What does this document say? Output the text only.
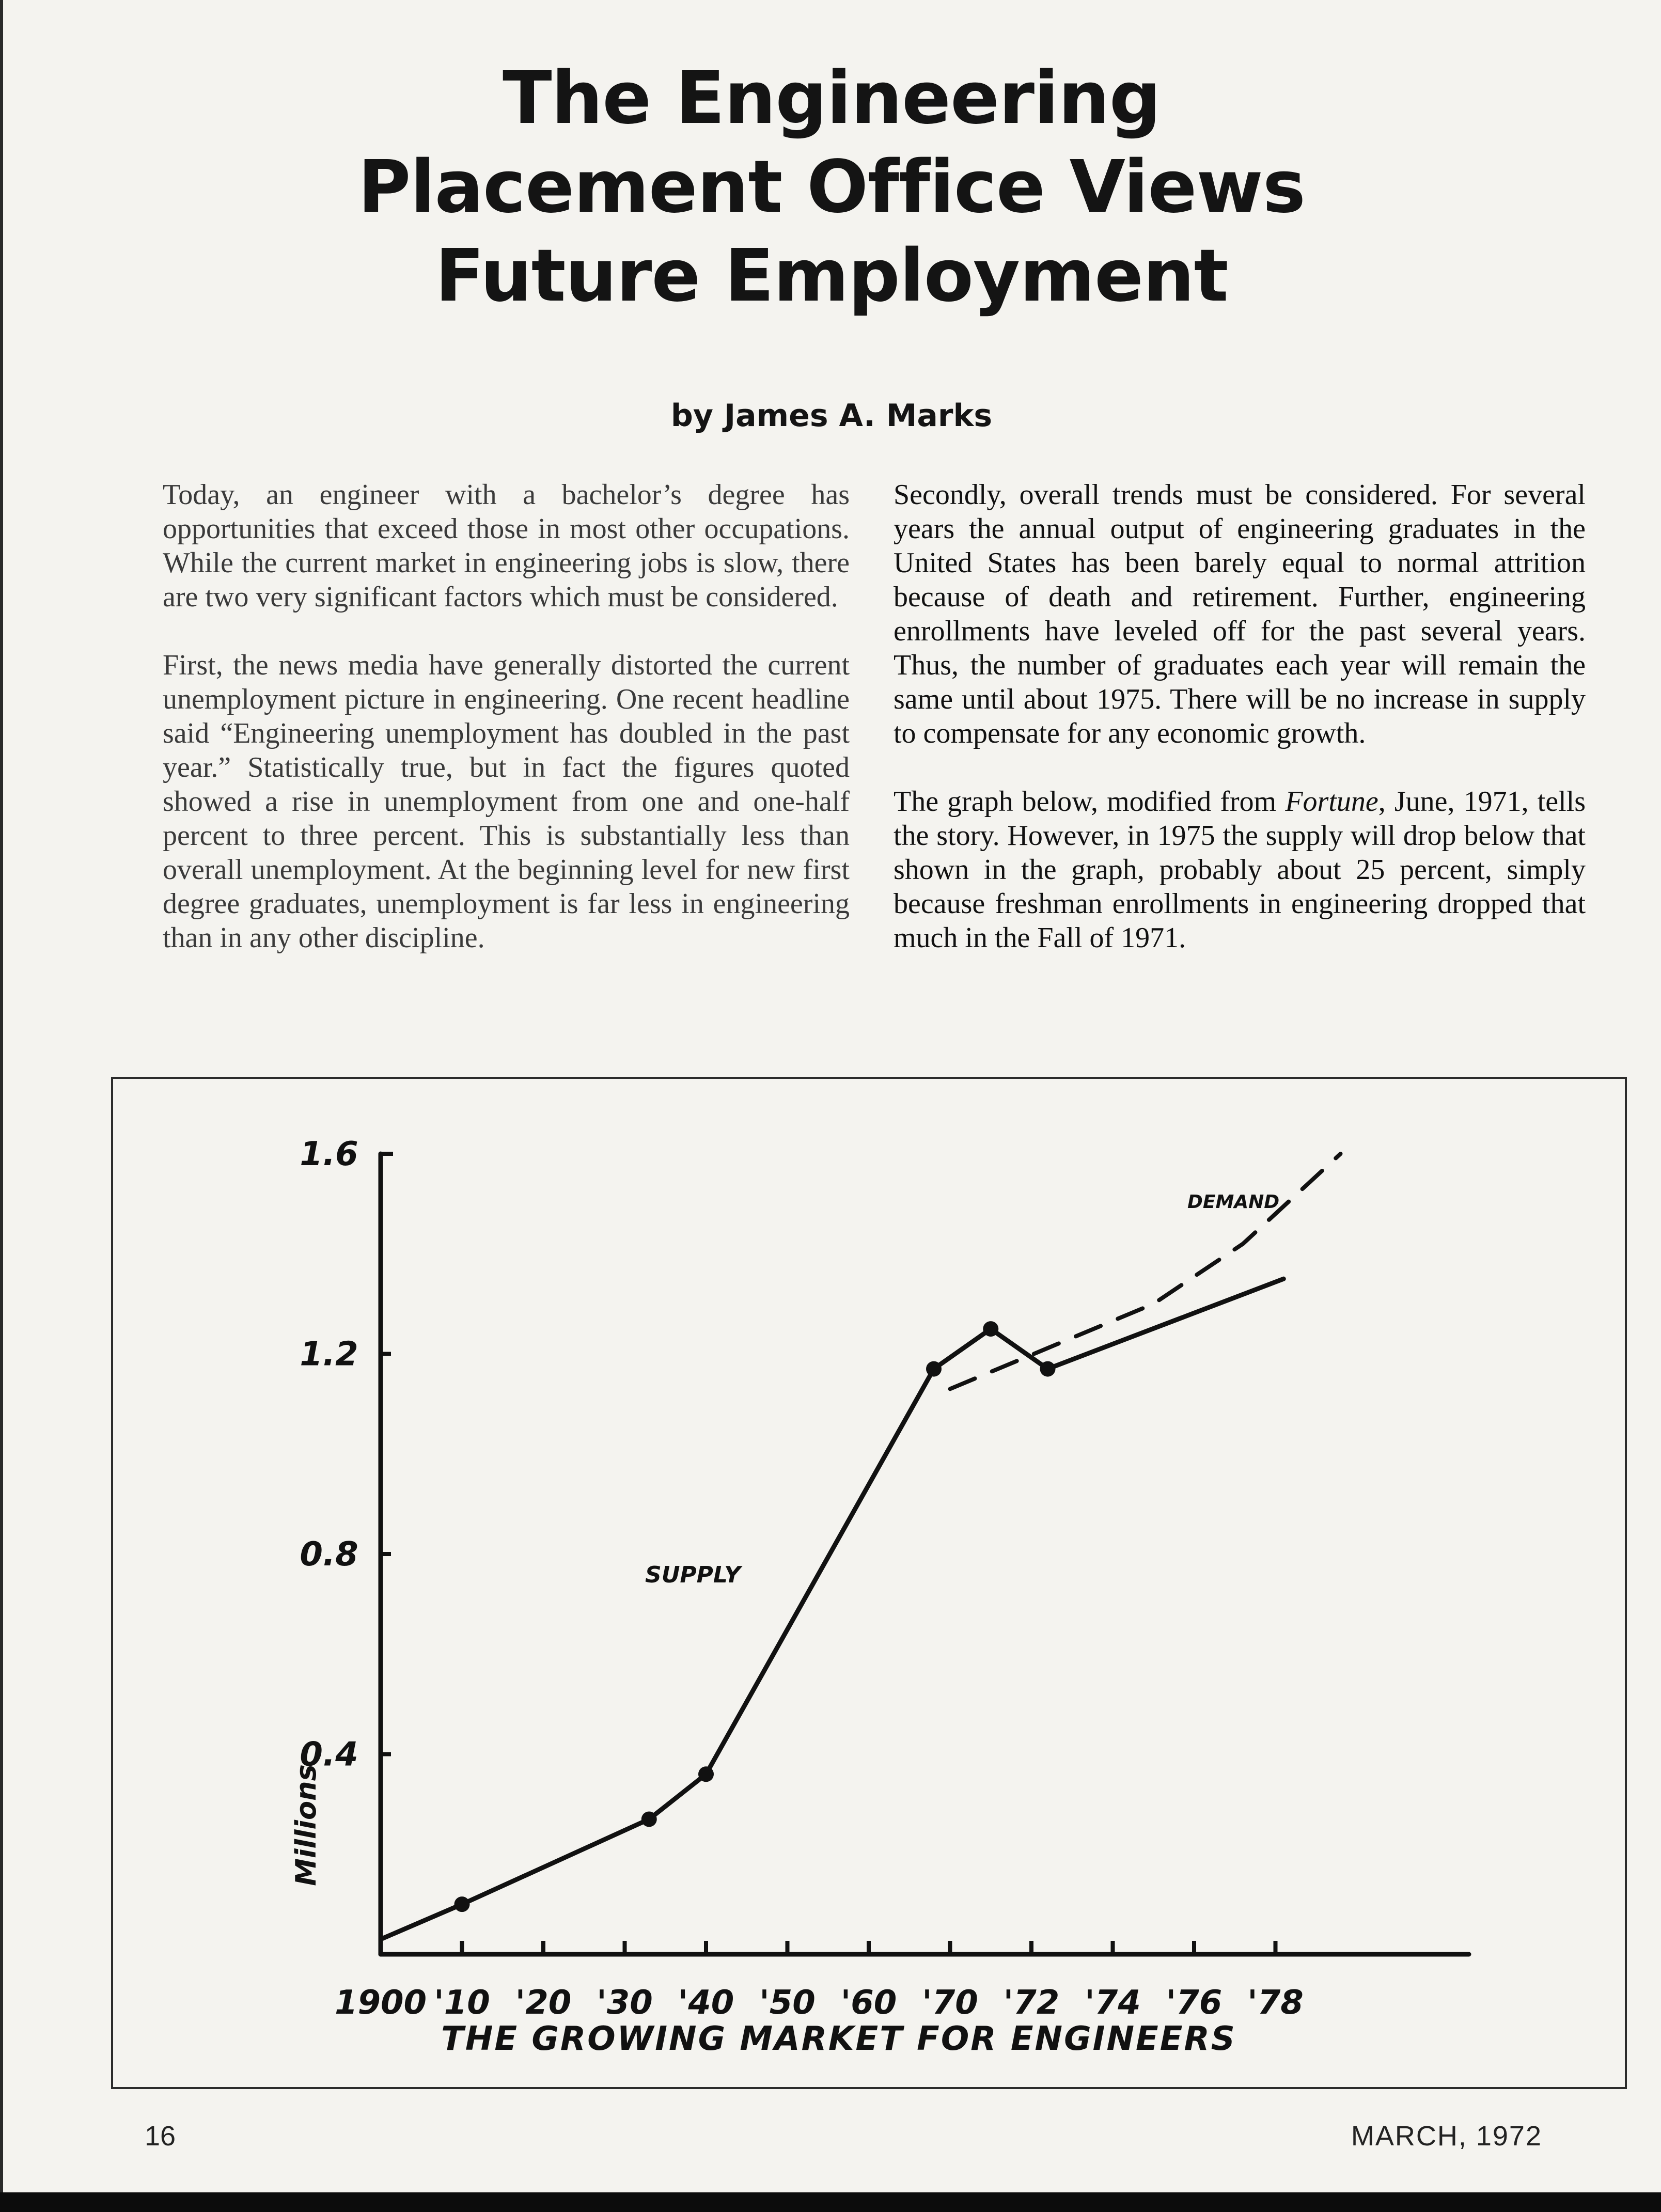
The Engineering
Placement Office Views
Future Employment
by James A. Marks

Today, an engineer with a bachelor’s degree has opportunities that exceed those in most other occupations. While the current market in engineering jobs is slow, there are two very significant factors which must be considered.

First, the news media have generally distorted the current unemployment picture in engineering. One recent headline said “Engineering unemployment has doubled in the past year.” Statistically true, but in fact the figures quoted showed a rise in unemployment from one and one-half percent to three percent. This is substantially less than overall unemployment. At the beginning level for new first degree graduates, unemployment is far less in engineering than in any other discipline.

Secondly, overall trends must be considered. For several years the annual output of engineering graduates in the United States has been barely equal to normal attrition because of death and retirement. Further, engineering enrollments have leveled off for the past several years. Thus, the number of graduates each year will remain the same until about 1975. There will be no increase in supply to compensate for any economic growth.

The graph below, modified from Fortune, June, 1971, tells the story. However, in 1975 the supply will drop below that shown in the graph, probably about 25 percent, simply because freshman enrollments in engineering dropped that much in the Fall of 1971.

0.4
0.8
1.2
1.6
Millions
1900 '10 '20 '30 '40 '50 '60 '70 '72 '74 '76 '78
SUPPLY
DEMAND
THE GROWING MARKET FOR ENGINEERS
16	MARCH, 1972
